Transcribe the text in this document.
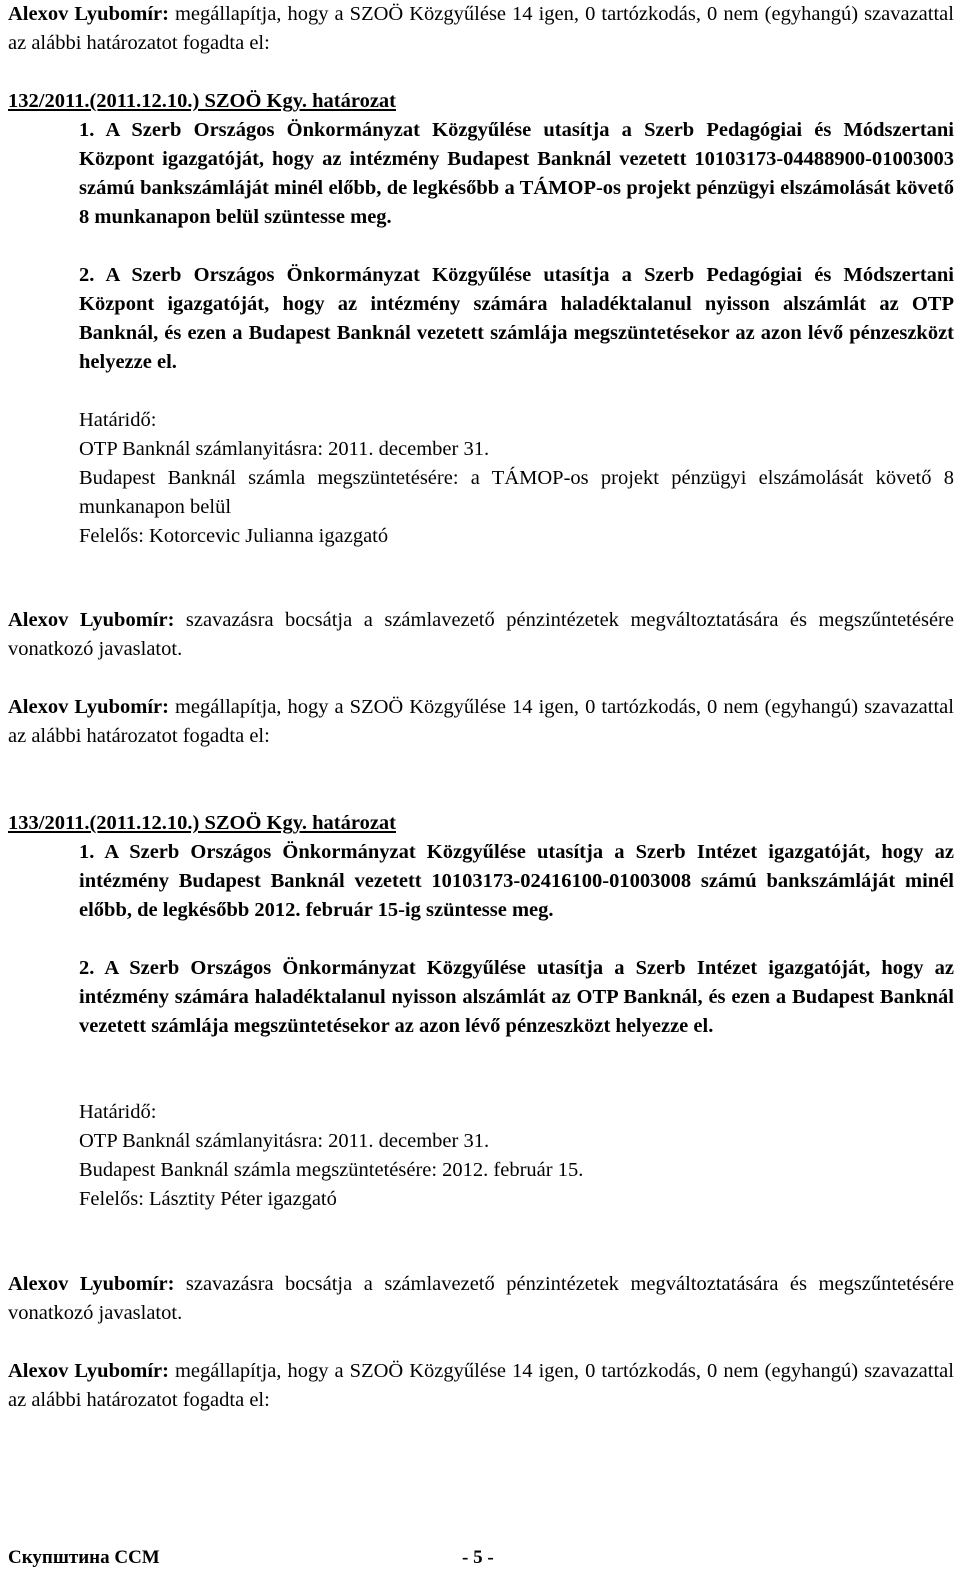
Alexov Lyubomír: megállapítja, hogy a SZOÖ Közgyűlése 14 igen, 0 tartózkodás, 0 nem (egyhangú) szavazattal az alábbi határozatot fogadta el:

132/2011.(2011.12.10.) SZOÖ Kgy. határozat

1. A Szerb Országos Önkormányzat Közgyűlése utasítja a Szerb Pedagógiai és Módszertani Központ igazgatóját, hogy az intézmény Budapest Banknál vezetett 10103173-04488900-01003003 számú bankszámláját minél előbb, de legkésőbb a TÁMOP-os projekt pénzügyi elszámolását követő 8 munkanapon belül szüntesse meg.

2. A Szerb Országos Önkormányzat Közgyűlése utasítja a Szerb Pedagógiai és Módszertani Központ igazgatóját, hogy az intézmény számára haladéktalanul nyisson alszámlát az OTP Banknál, és ezen a Budapest Banknál vezetett számlája megszüntetésekor az azon lévő pénzeszközt helyezze el.

Határidő:

OTP Banknál számlanyitásra: 2011. december 31.

Budapest Banknál számla megszüntetésére: a TÁMOP-os projekt pénzügyi elszámolását követő 8 munkanapon belül

Felelős: Kotorcevic Julianna igazgató

Alexov Lyubomír: szavazásra bocsátja a számlavezető pénzintézetek megváltoztatására és megszűntetésére vonatkozó javaslatot.

Alexov Lyubomír: megállapítja, hogy a SZOÖ Közgyűlése 14 igen, 0 tartózkodás, 0 nem (egyhangú) szavazattal az alábbi határozatot fogadta el:

133/2011.(2011.12.10.) SZOÖ Kgy. határozat

1. A Szerb Országos Önkormányzat Közgyűlése utasítja a Szerb Intézet igazgatóját, hogy az intézmény Budapest Banknál vezetett 10103173-02416100-01003008 számú bankszámláját minél előbb, de legkésőbb 2012. február 15-ig szüntesse meg.

2. A Szerb Országos Önkormányzat Közgyűlése utasítja a Szerb Intézet igazgatóját, hogy az intézmény számára haladéktalanul nyisson alszámlát az OTP Banknál, és ezen a Budapest Banknál vezetett számlája megszüntetésekor az azon lévő pénzeszközt helyezze el.

Határidő:

OTP Banknál számlanyitásra: 2011. december 31.

Budapest Banknál számla megszüntetésére: 2012. február 15.

Felelős: Lásztity Péter igazgató

Alexov Lyubomír: szavazásra bocsátja a számlavezető pénzintézetek megváltoztatására és megszűntetésére vonatkozó javaslatot.

Alexov Lyubomír: megállapítja, hogy a SZOÖ Közgyűlése 14 igen, 0 tartózkodás, 0 nem (egyhangú) szavazattal az alábbi határozatot fogadta el:

Скупштина ССМ	- 5 -
